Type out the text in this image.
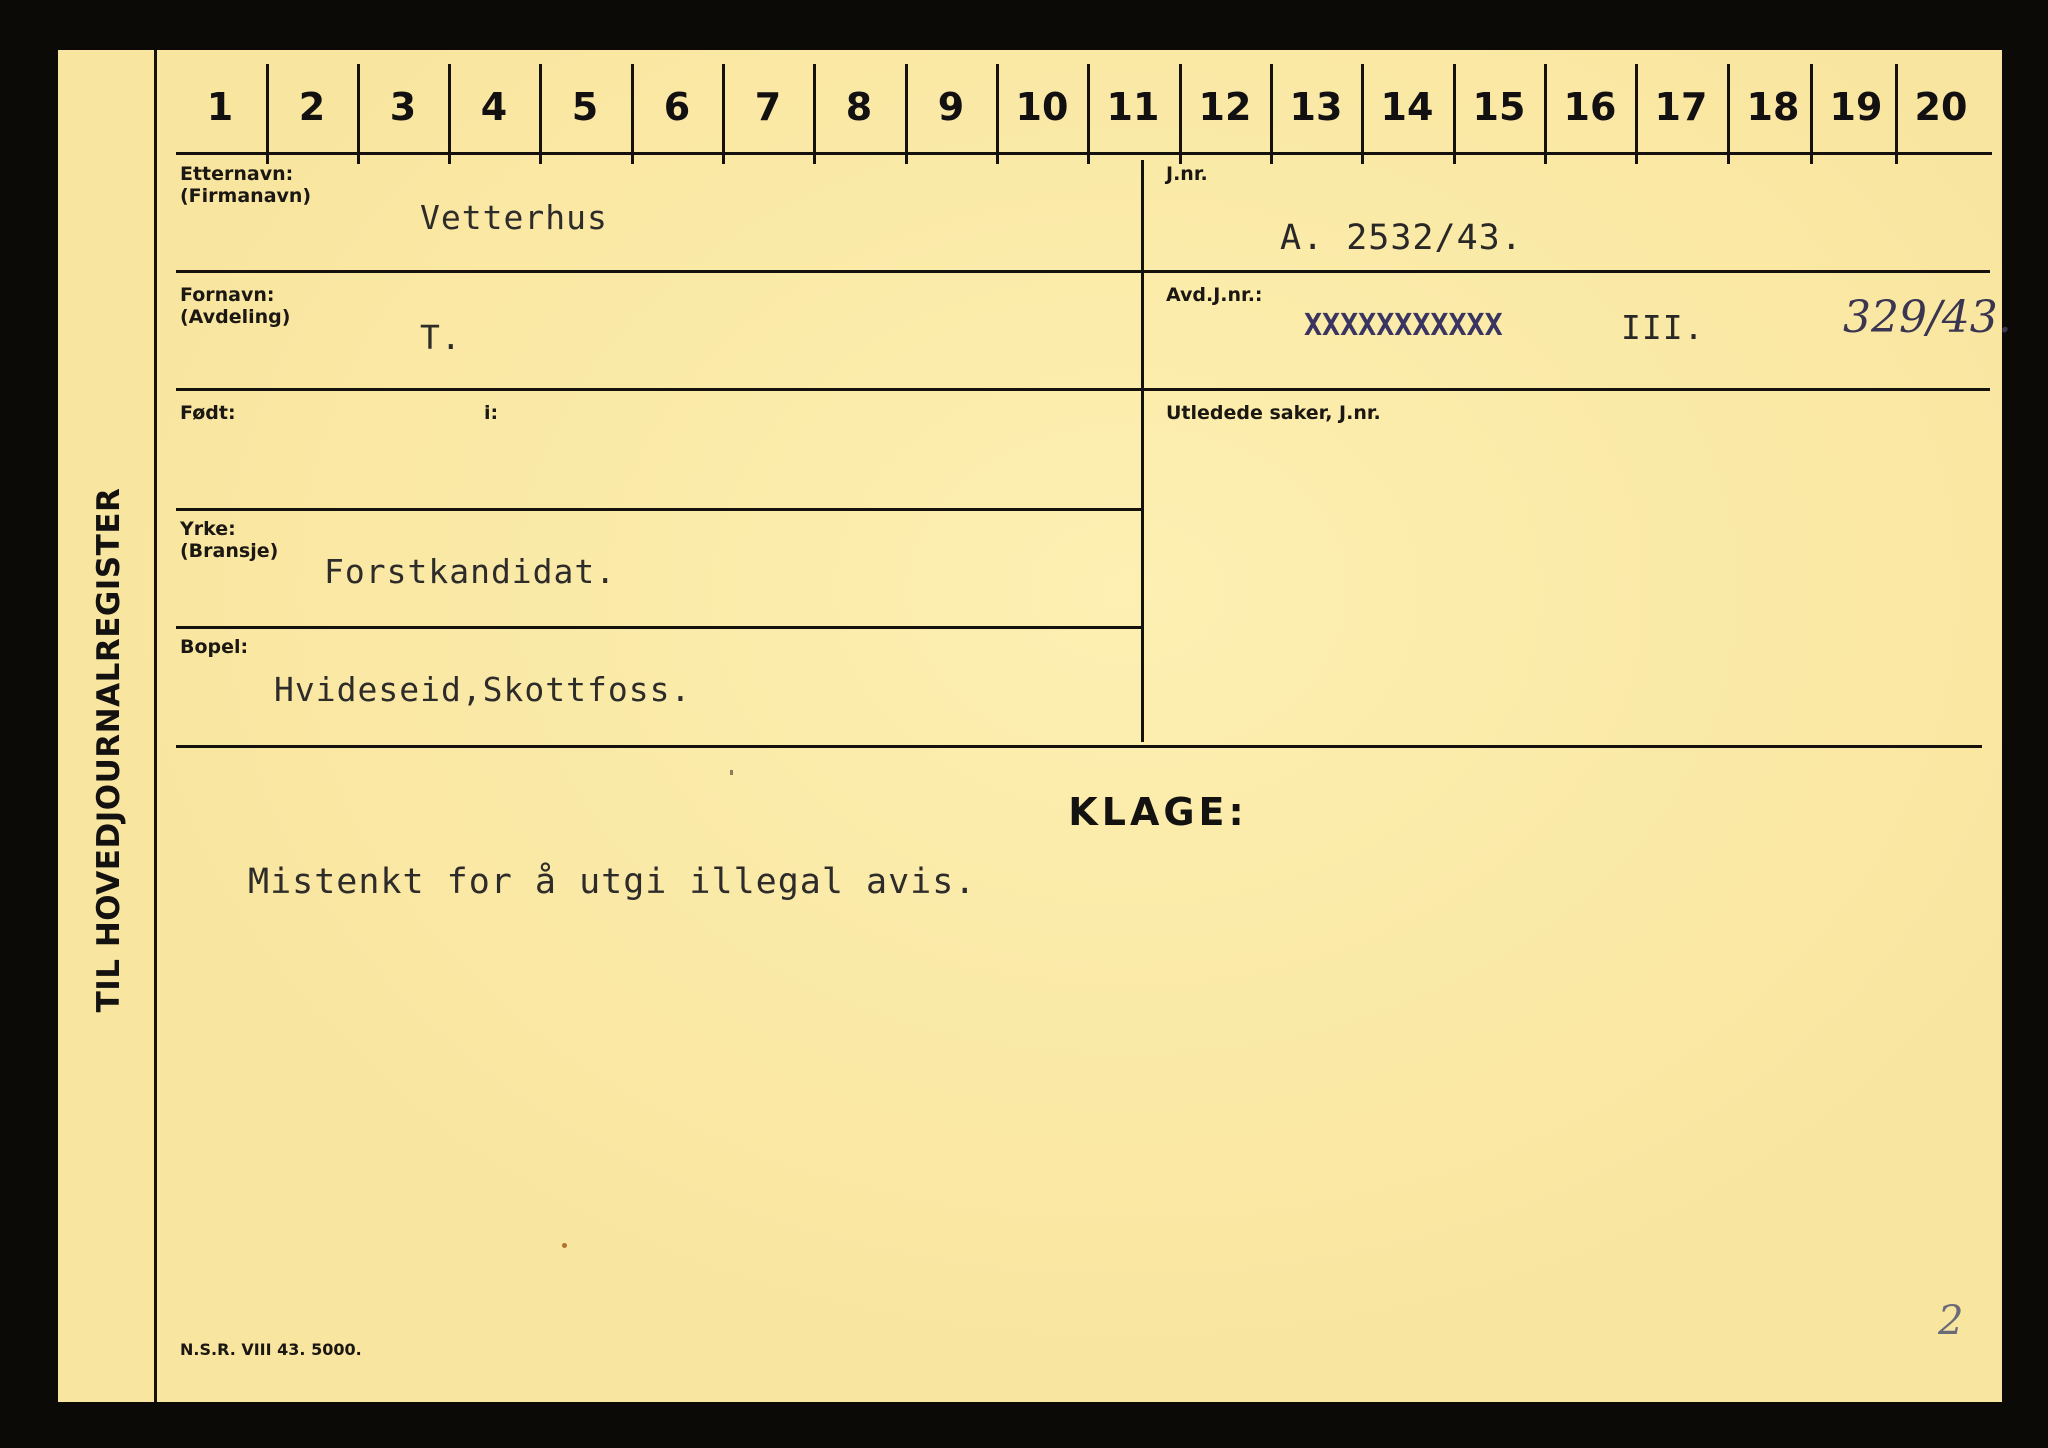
TIL HOVEDJOURNALREGISTER
1	2	3	4	5	6	7	8	9	10	11	12	13	14	15	16	17	18 19 20
Etternavn:
(Firmanavn)
Vetterhus
Fornavn:
(Avdeling)
T.
Født:	i:
Yrke:
(Bransje)
Forstkandidat.
Bopel:
Hvideseid,Skottfoss.
J.nr.
A. 2532/43.
Avd.J.nr.:
XXXXXXXXXXX	III.	329/43.
Utledede saker, J.nr.
KLAGE:
Mistenkt for å utgi illegal avis.
N.S.R. VIII 43. 5000.
2
